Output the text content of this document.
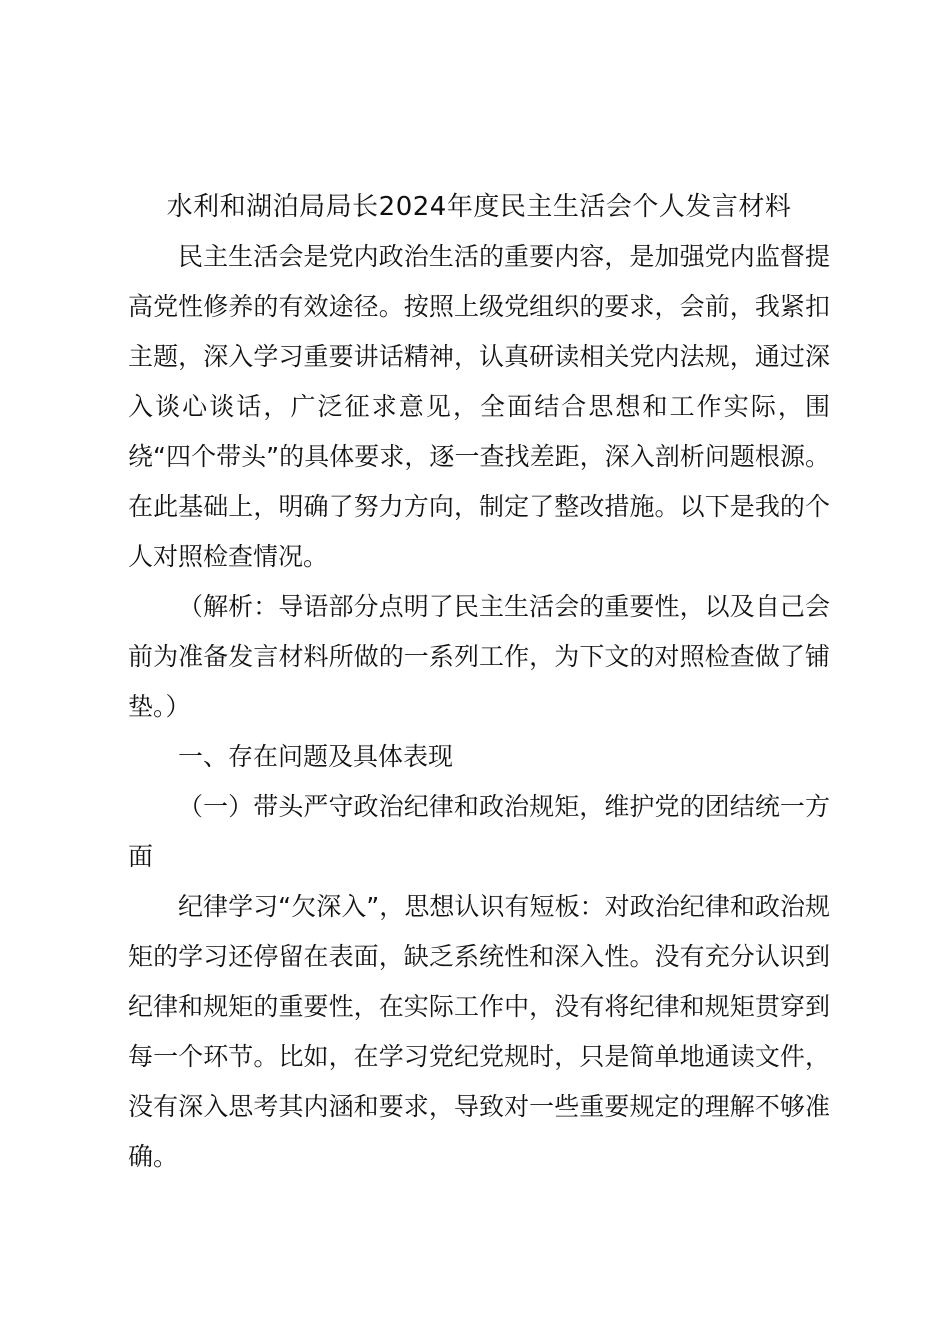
水利和湖泊局局长2024年度民主生活会个人发言材料

民主生活会是党内政治生活的重要内容，是加强党内监督提高党性修养的有效途径。按照上级党组织的要求，会前，我紧扣主题，深入学习重要讲话精神，认真研读相关党内法规，通过深入谈心谈话，广泛征求意见，全面结合思想和工作实际，围绕“四个带头”的具体要求，逐一查找差距，深入剖析问题根源。在此基础上，明确了努力方向，制定了整改措施。以下是我的个人对照检查情况。

（解析：导语部分点明了民主生活会的重要性，以及自己会前为准备发言材料所做的一系列工作，为下文的对照检查做了铺垫。）

一、存在问题及具体表现

（一）带头严守政治纪律和政治规矩，维护党的团结统一方面

纪律学习“欠深入”，思想认识有短板：对政治纪律和政治规矩的学习还停留在表面，缺乏系统性和深入性。没有充分认识到纪律和规矩的重要性，在实际工作中，没有将纪律和规矩贯穿到每一个环节。比如，在学习党纪党规时，只是简单地通读文件，没有深入思考其内涵和要求，导致对一些重要规定的理解不够准确。
